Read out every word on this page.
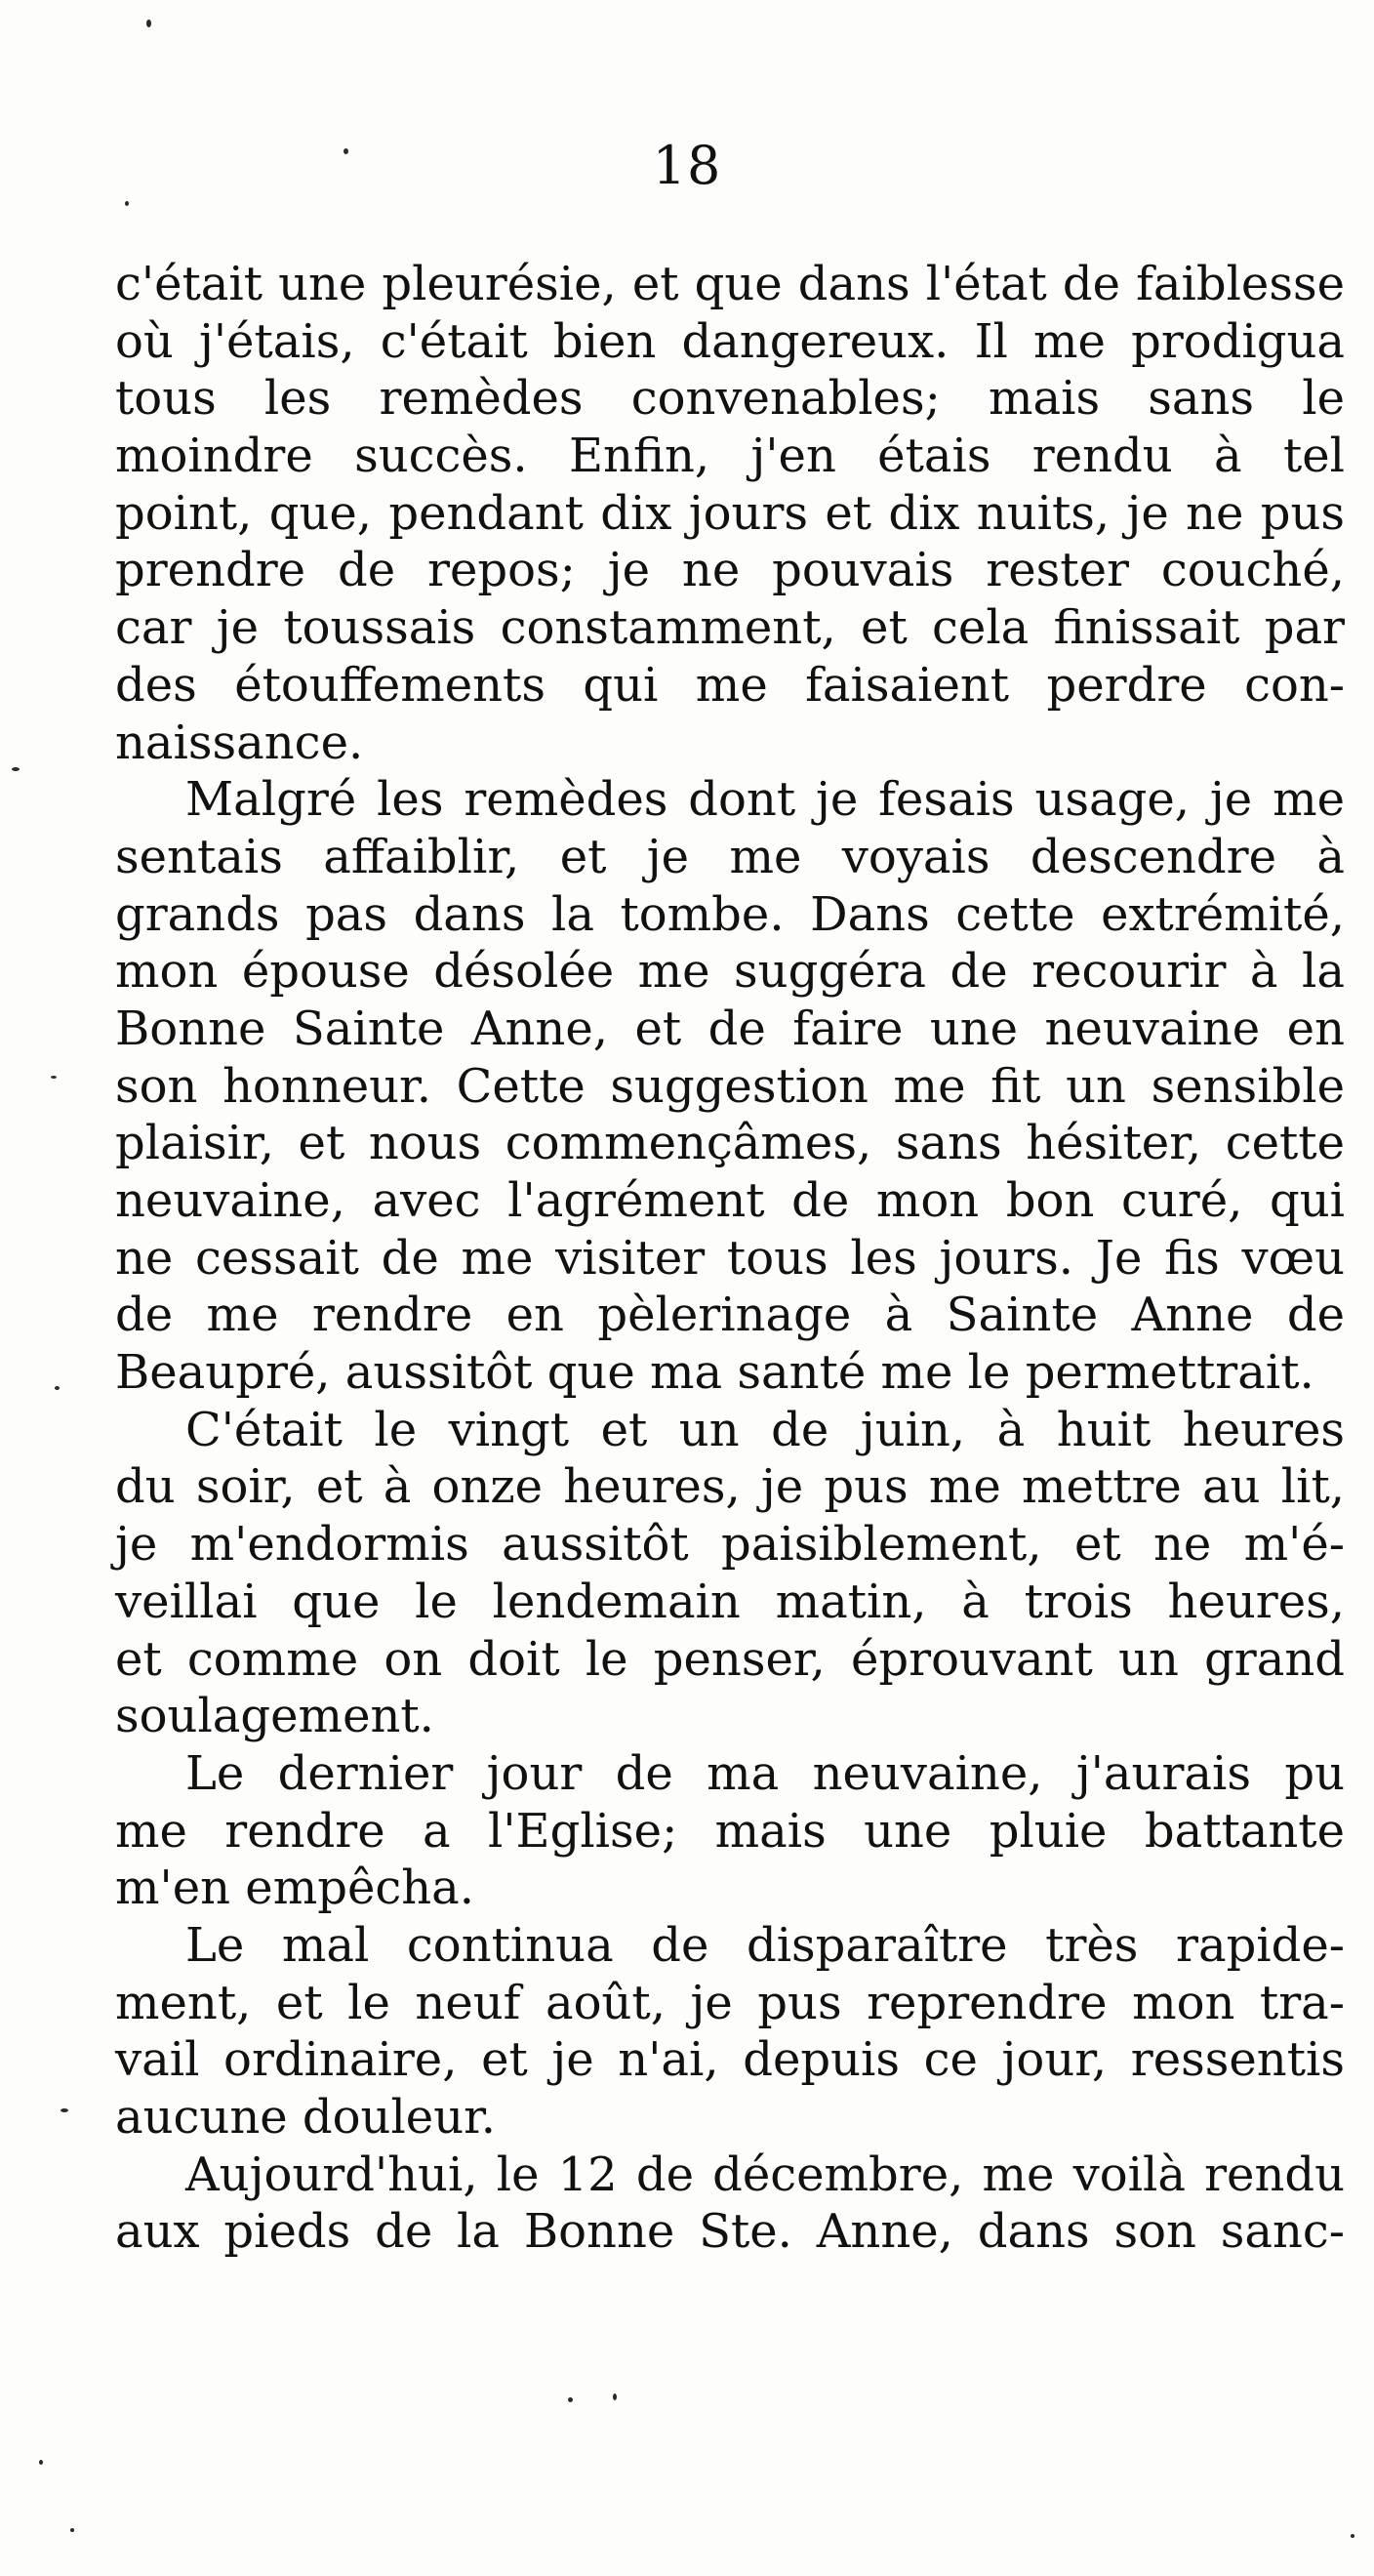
18
c'était une pleurésie, et que dans l'état de faiblesse
où j'étais, c'était bien dangereux. Il me prodigua
tous les remèdes convenables; mais sans le
moindre succès. Enfin, j'en étais rendu à tel
point, que, pendant dix jours et dix nuits, je ne pus
prendre de repos; je ne pouvais rester couché,
car je toussais constamment, et cela finissait par
des étouffements qui me faisaient perdre con-
naissance.
Malgré les remèdes dont je fesais usage, je me
sentais affaiblir, et je me voyais descendre à
grands pas dans la tombe. Dans cette extrémité,
mon épouse désolée me suggéra de recourir à la
Bonne Sainte Anne, et de faire une neuvaine en
son honneur. Cette suggestion me fit un sensible
plaisir, et nous commençâmes, sans hésiter, cette
neuvaine, avec l'agrément de mon bon curé, qui
ne cessait de me visiter tous les jours. Je fis vœu
de me rendre en pèlerinage à Sainte Anne de
Beaupré, aussitôt que ma santé me le permettrait.
C'était le vingt et un de juin, à huit heures
du soir, et à onze heures, je pus me mettre au lit,
je m'endormis aussitôt paisiblement, et ne m'é-
veillai que le lendemain matin, à trois heures,
et comme on doit le penser, éprouvant un grand
soulagement.
Le dernier jour de ma neuvaine, j'aurais pu
me rendre a l'Eglise; mais une pluie battante
m'en empêcha.
Le mal continua de disparaître très rapide-
ment, et le neuf août, je pus reprendre mon tra-
vail ordinaire, et je n'ai, depuis ce jour, ressentis
aucune douleur.
Aujourd'hui, le 12 de décembre, me voilà rendu
aux pieds de la Bonne Ste. Anne, dans son sanc-
